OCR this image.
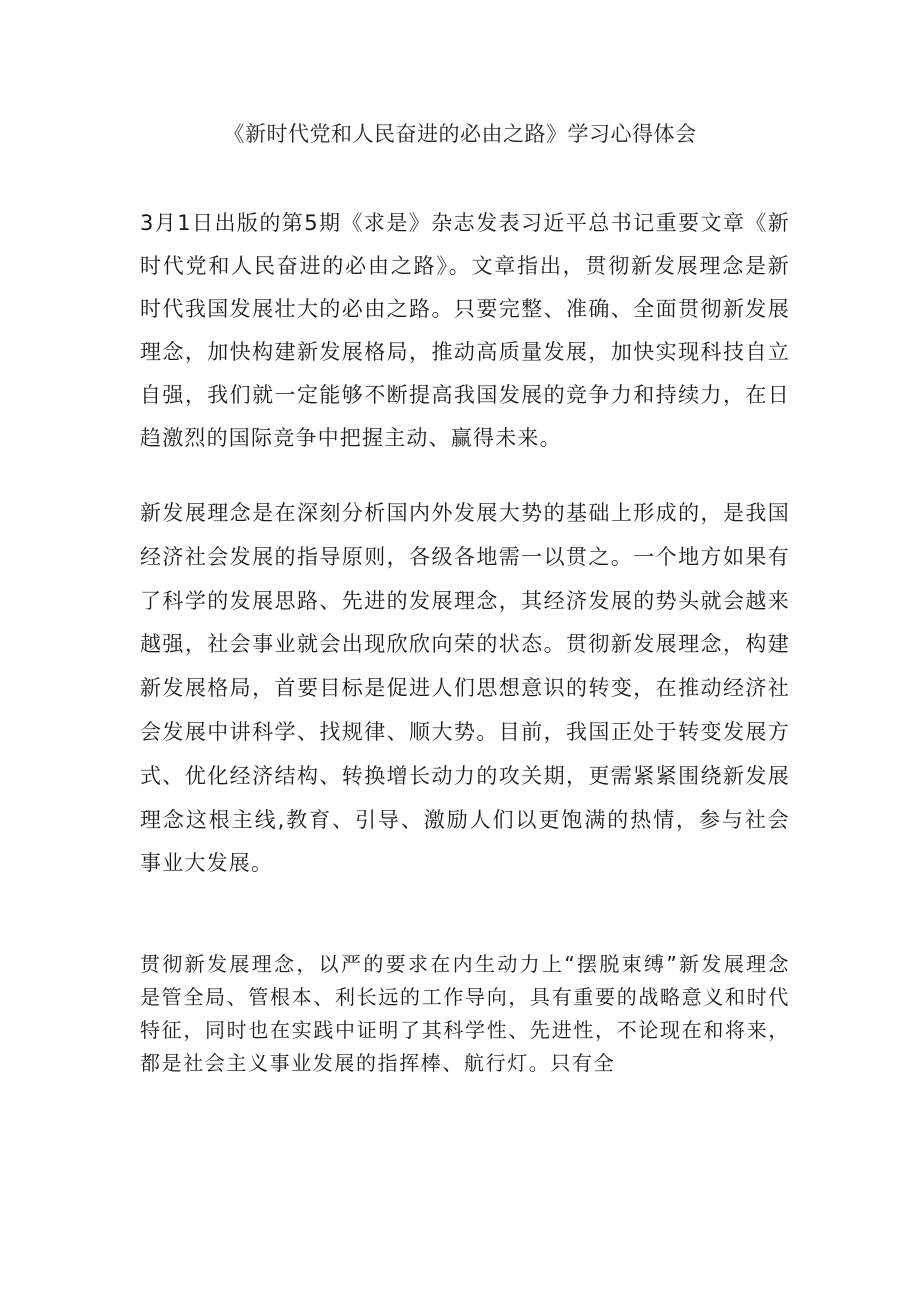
《新时代党和人民奋进的必由之路》学习心得体会

3月1日出版的第5期《求是》杂志发表习近平总书记重要文章《新时代党和人民奋进的必由之路》。文章指出，贯彻新发展理念是新时代我国发展壮大的必由之路。只要完整、准确、全面贯彻新发展理念，加快构建新发展格局，推动高质量发展，加快实现科技自立自强，我们就一定能够不断提高我国发展的竞争力和持续力，在日趋激烈的国际竞争中把握主动、赢得未来。

新发展理念是在深刻分析国内外发展大势的基础上形成的，是我国经济社会发展的指导原则，各级各地需一以贯之。一个地方如果有了科学的发展思路、先进的发展理念，其经济发展的势头就会越来越强，社会事业就会出现欣欣向荣的状态。贯彻新发展理念，构建新发展格局，首要目标是促进人们思想意识的转变，在推动经济社会发展中讲科学、找规律、顺大势。目前，我国正处于转变发展方式、优化经济结构、转换增长动力的攻关期，更需紧紧围绕新发展理念这根主线,教育、引导、激励人们以更饱满的热情，参与社会事业大发展。

贯彻新发展理念，以严的要求在内生动力上“摆脱束缚”新发展理念是管全局、管根本、利长远的工作导向，具有重要的战略意义和时代特征，同时也在实践中证明了其科学性、先进性，不论现在和将来，都是社会主义事业发展的指挥棒、航行灯。只有全
